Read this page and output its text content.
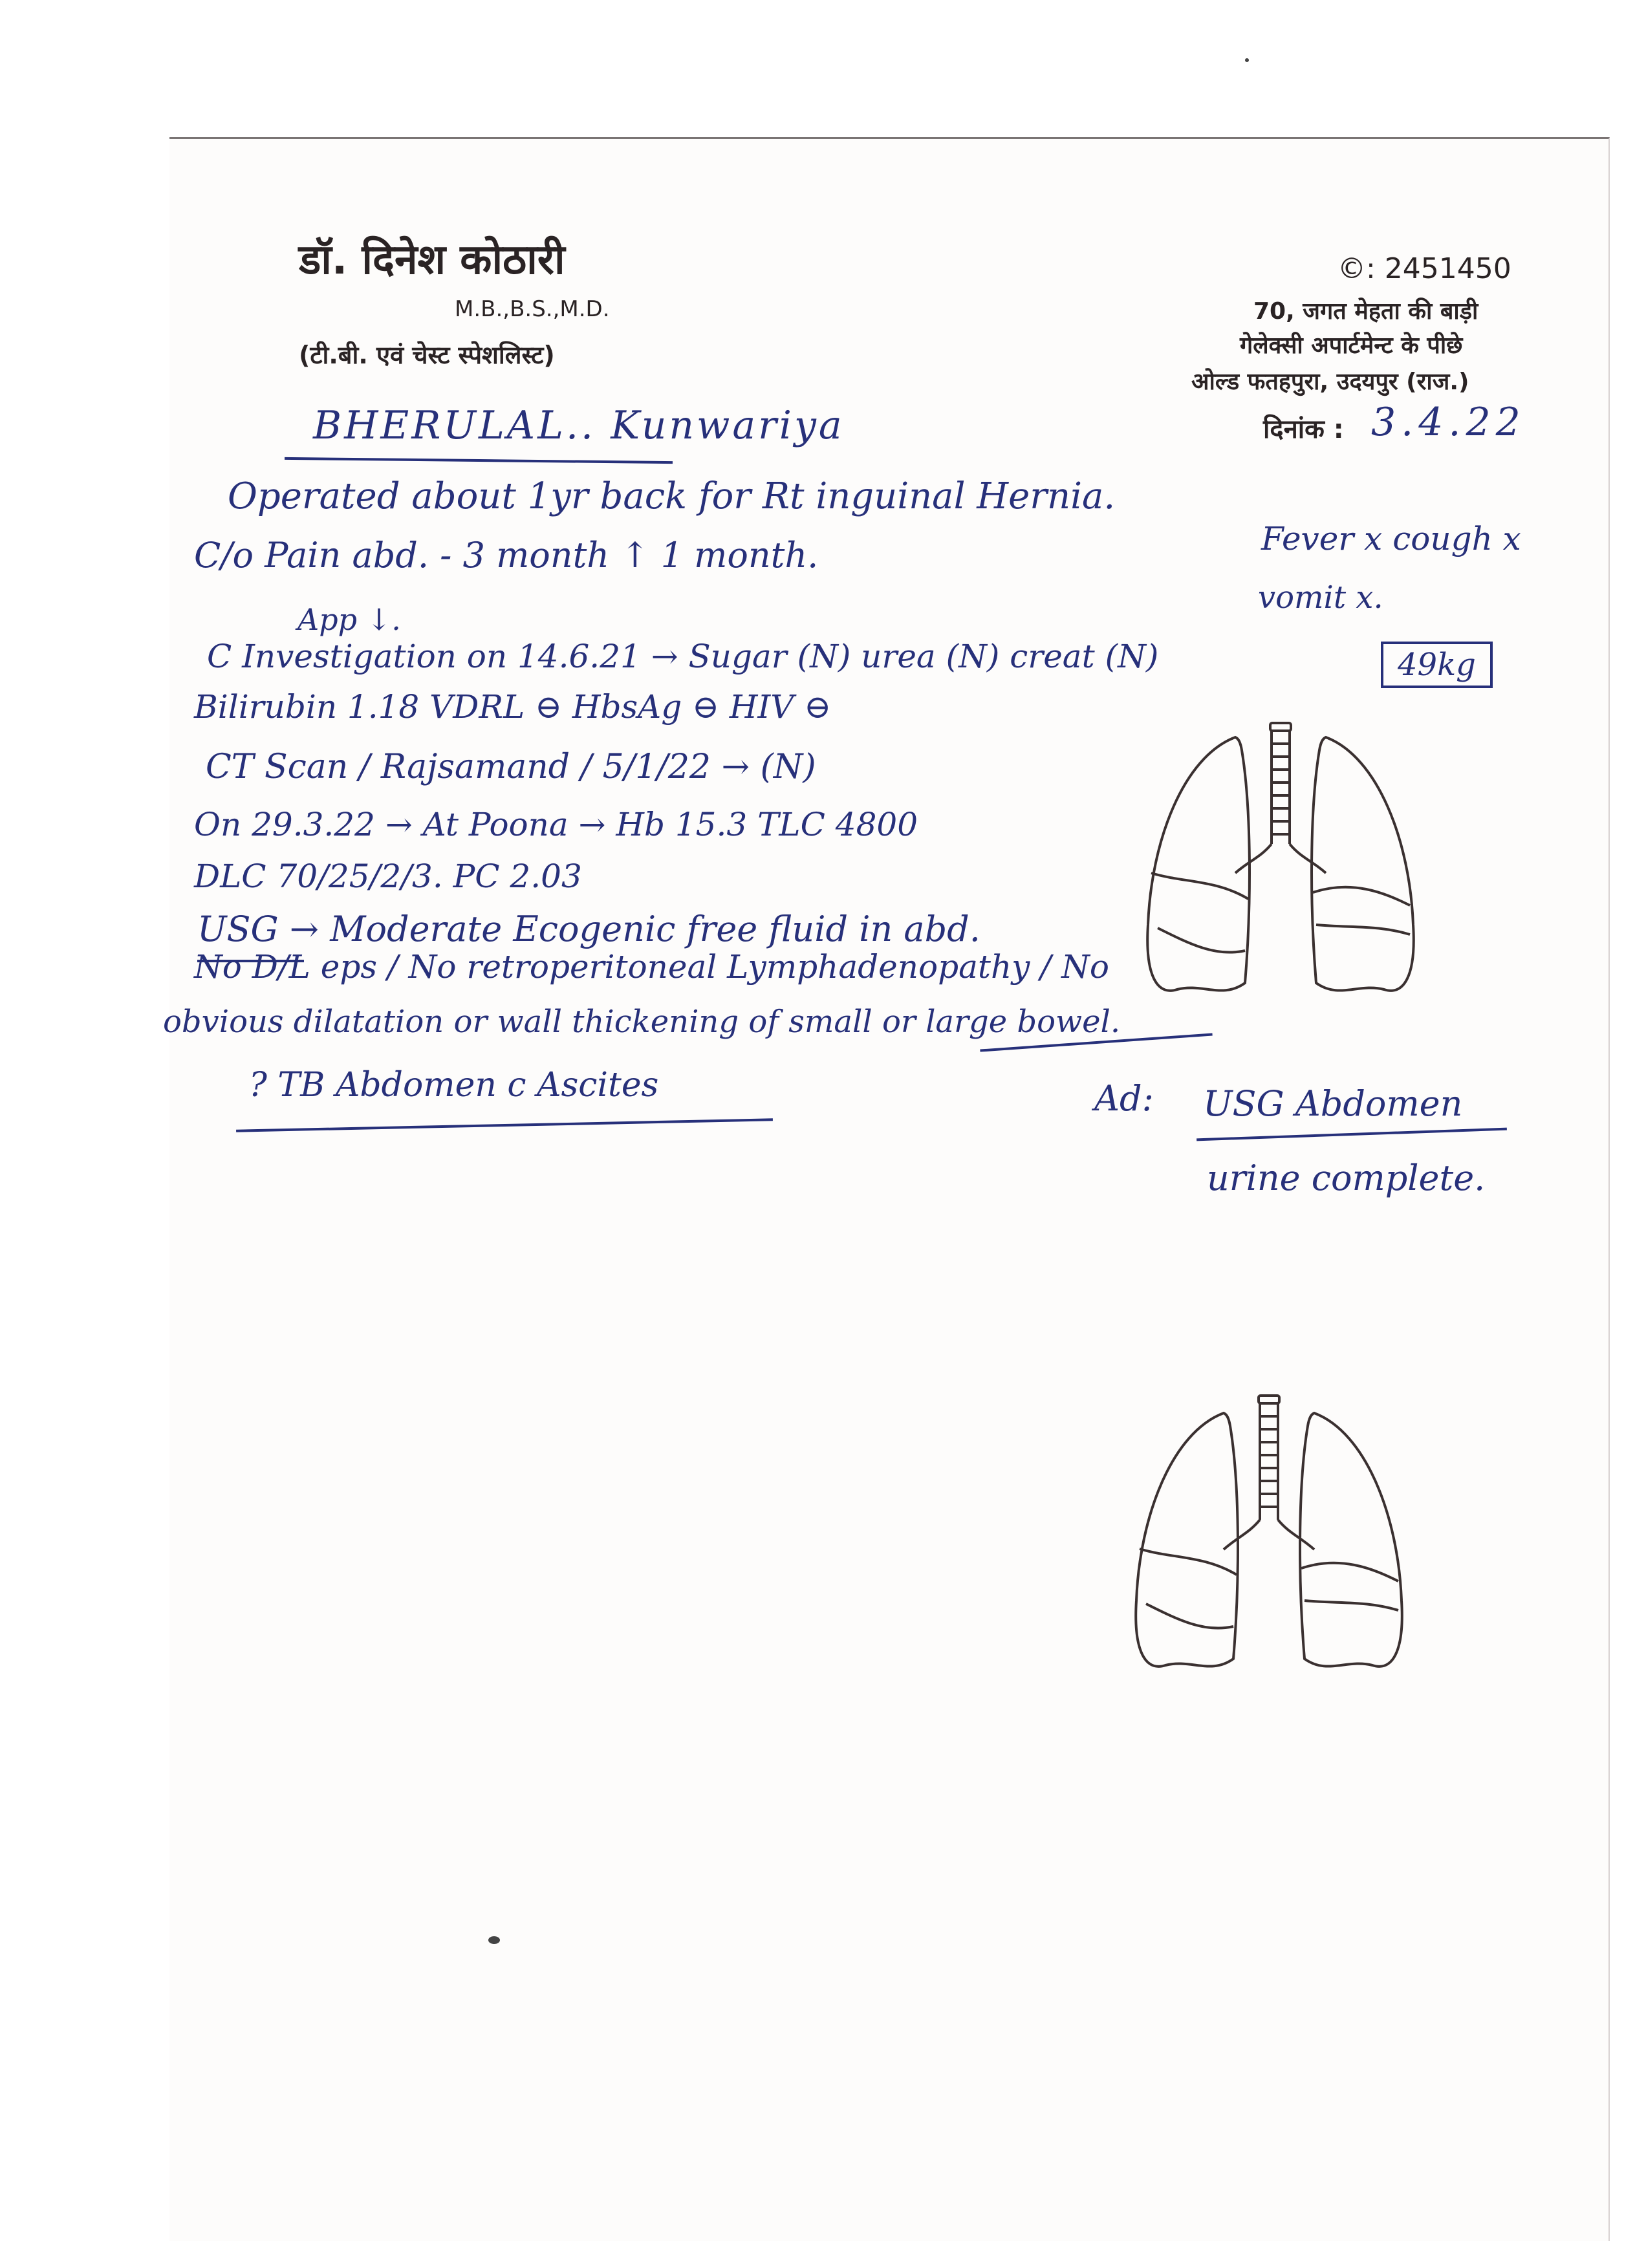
डॉ. दिनेश कोठारी
M.B.,B.S.,M.D.
(टी.बी. एवं चेस्ट स्पेशलिस्ट)
©: 2451450
70, जगत मेहता की बाड़ी
गेलेक्सी अपार्टमेन्ट के पीछे
ओल्ड फतहपुरा, उदयपुर (राज.)
दिनांक : 3.4.22
BHERULAL.. Kunwariya
Operated about 1yr back for Rt inguinal Hernia.
C/o Pain abd. - 3 month ↑ 1 month.	Fever x cough x
vomit x.
49kg
App ↓.
C Investigation on 14.6.21 → Sugar (N) urea (N) creat (N)
Bilirubin 1.18 VDRL ⊖ HbsAg ⊖ HIV ⊖
CT Scan / Rajsamand / 5/1/22 → (N)
On 29.3.22 → At Poona → Hb 15.3 TLC 4800
DLC 70/25/2/3. PC 2.03
USG → Moderate Ecogenic free fluid in abd.
No D/L eps / No retroperitoneal Lymphadenopathy / No
obvious dilatation or wall thickening of small or large bowel.
? TB Abdomen c Ascites	Ad: USG Abdomen
urine complete.
